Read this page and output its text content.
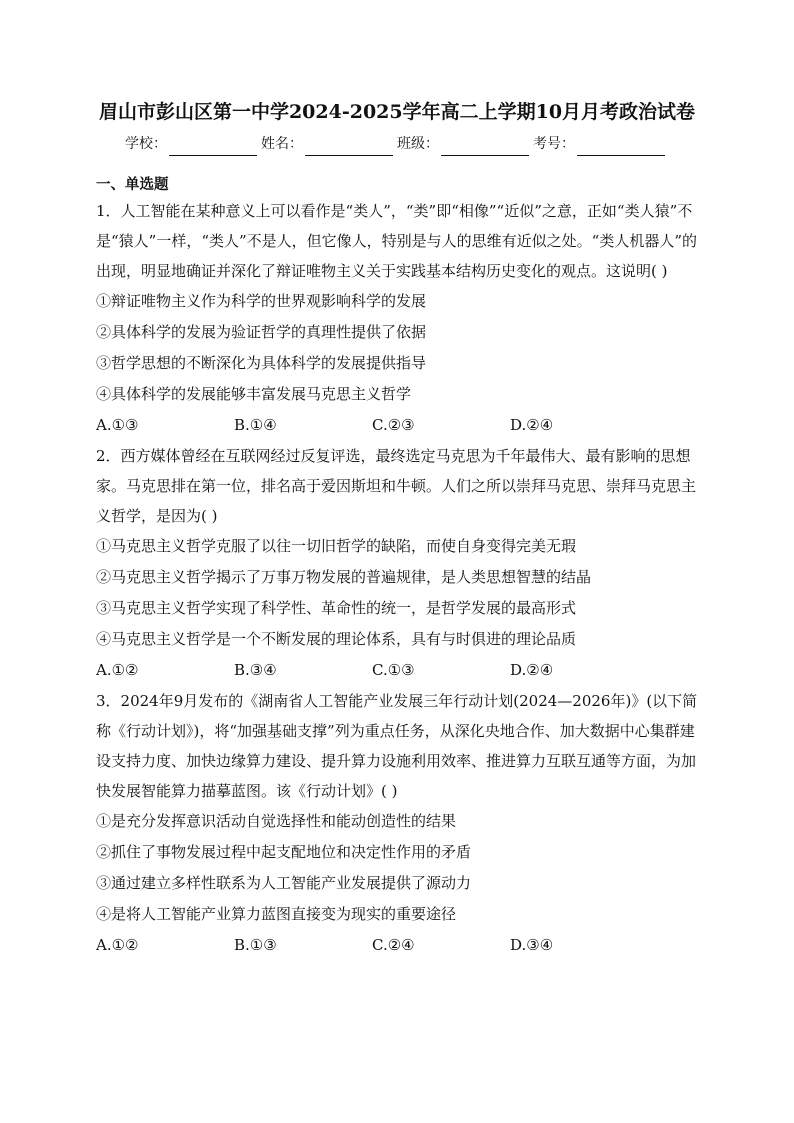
眉山市彭山区第一中学2024-2025学年高二上学期10月月考政治试卷
学校：	姓名：	班级：	考号：
一、单选题
1．人工智能在某种意义上可以看作是“类人”，“类”即“相像”“近似”之意，正如“类人猿”不是“猿人”一样，“类人”不是人，但它像人，特别是与人的思维有近似之处。“类人机器人”的出现，明显地确证并深化了辩证唯物主义关于实践基本结构历史变化的观点。这说明( )
①辩证唯物主义作为科学的世界观影响科学的发展
②具体科学的发展为验证哲学的真理性提供了依据
③哲学思想的不断深化为具体科学的发展提供指导
④具体科学的发展能够丰富发展马克思主义哲学
A.①③	B.①④	C.②③	D.②④
2．西方媒体曾经在互联网经过反复评选，最终选定马克思为千年最伟大、最有影响的思想家。马克思排在第一位，排名高于爱因斯坦和牛顿。人们之所以崇拜马克思、崇拜马克思主义哲学，是因为( )
①马克思主义哲学克服了以往一切旧哲学的缺陷，而使自身变得完美无瑕
②马克思主义哲学揭示了万事万物发展的普遍规律，是人类思想智慧的结晶
③马克思主义哲学实现了科学性、革命性的统一，是哲学发展的最高形式
④马克思主义哲学是一个不断发展的理论体系，具有与时俱进的理论品质
A.①②	B.③④	C.①③	D.②④
3．2024年9月发布的《湖南省人工智能产业发展三年行动计划(2024—2026年)》(以下简称《行动计划》)，将“加强基础支撑”列为重点任务，从深化央地合作、加大数据中心集群建设支持力度、加快边缘算力建设、提升算力设施利用效率、推进算力互联互通等方面，为加快发展智能算力描摹蓝图。该《行动计划》( )
①是充分发挥意识活动自觉选择性和能动创造性的结果
②抓住了事物发展过程中起支配地位和决定性作用的矛盾
③通过建立多样性联系为人工智能产业发展提供了源动力
④是将人工智能产业算力蓝图直接变为现实的重要途径
A.①②	B.①③	C.②④	D.③④
